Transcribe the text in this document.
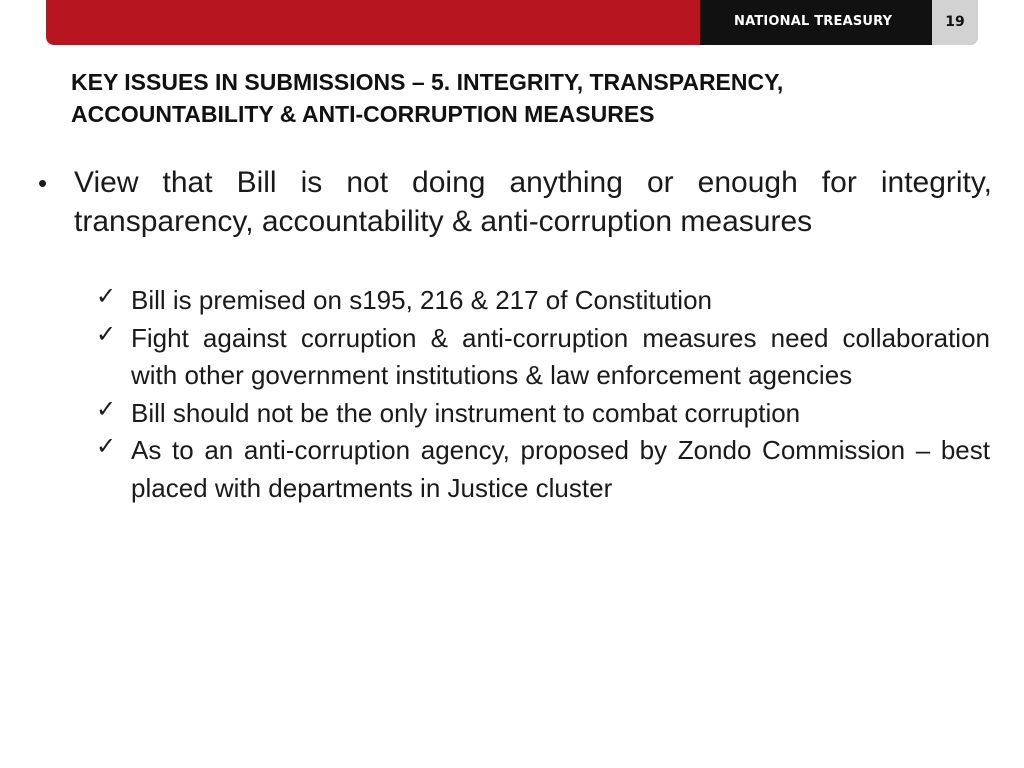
NATIONAL TREASURY	19
KEY ISSUES IN SUBMISSIONS – 5. INTEGRITY, TRANSPARENCY,
ACCOUNTABILITY & ANTI-CORRUPTION MEASURES
• View that Bill is not doing anything or enough for integrity, transparency, accountability & anti-corruption measures
✓ Bill is premised on s195, 216 & 217 of Constitution
✓ Fight against corruption & anti-corruption measures need collaboration with other government institutions & law enforcement agencies
✓ Bill should not be the only instrument to combat corruption
✓ As to an anti-corruption agency, proposed by Zondo Commission – best placed with departments in Justice cluster
